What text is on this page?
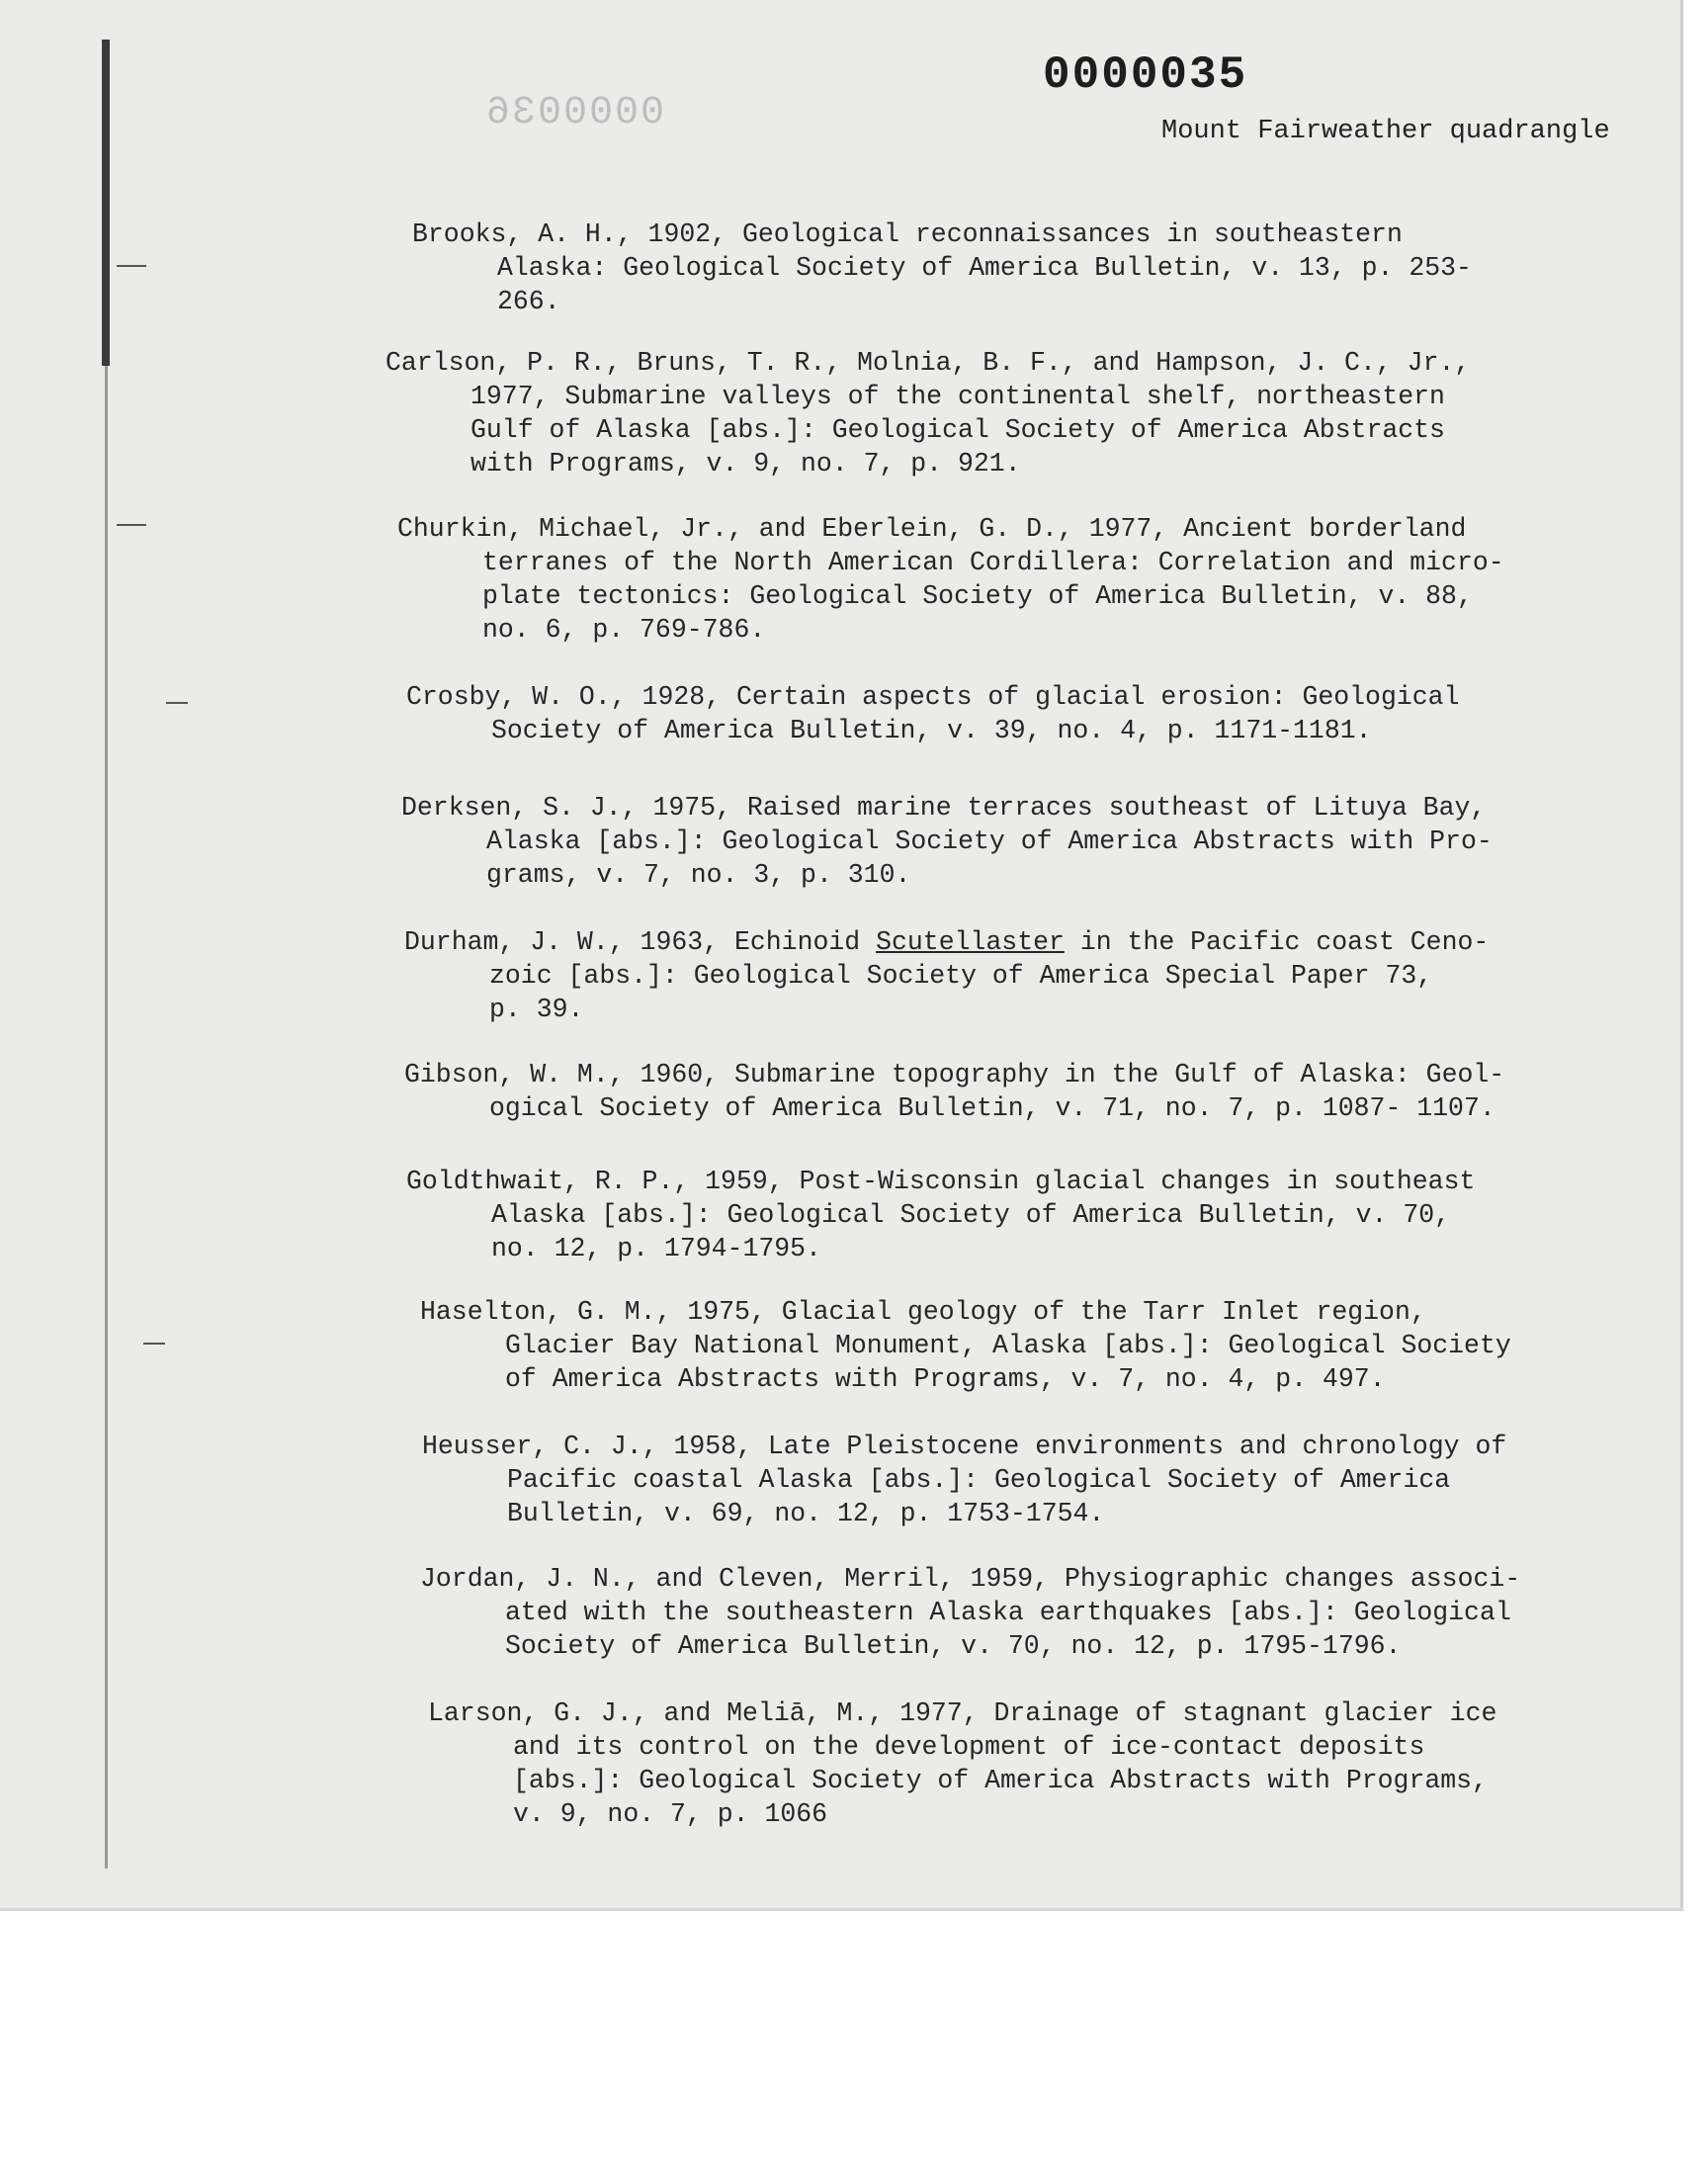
0000035
0000036	Mount Fairweather quadrangle
Brooks, A. H., 1902, Geological reconnaissances in southeastern
Alaska: Geological Society of America Bulletin, v. 13, p. 253-
266.
Carlson, P. R., Bruns, T. R., Molnia, B. F., and Hampson, J. C., Jr.,
1977, Submarine valleys of the continental shelf, northeastern
Gulf of Alaska [abs.]: Geological Society of America Abstracts
with Programs, v. 9, no. 7, p. 921.
Churkin, Michael, Jr., and Eberlein, G. D., 1977, Ancient borderland
terranes of the North American Cordillera: Correlation and micro-
plate tectonics: Geological Society of America Bulletin, v. 88,
no. 6, p. 769-786.
Crosby, W. O., 1928, Certain aspects of glacial erosion: Geological
Society of America Bulletin, v. 39, no. 4, p. 1171-1181.
Derksen, S. J., 1975, Raised marine terraces southeast of Lituya Bay,
Alaska [abs.]: Geological Society of America Abstracts with Pro-
grams, v. 7, no. 3, p. 310.
Durham, J. W., 1963, Echinoid Scutellaster in the Pacific coast Ceno-
zoic [abs.]: Geological Society of America Special Paper 73,
p. 39.
Gibson, W. M., 1960, Submarine topography in the Gulf of Alaska: Geol-
ogical Society of America Bulletin, v. 71, no. 7, p. 1087- 1107.
Goldthwait, R. P., 1959, Post-Wisconsin glacial changes in southeast
Alaska [abs.]: Geological Society of America Bulletin, v. 70,
no. 12, p. 1794-1795.
Haselton, G. M., 1975, Glacial geology of the Tarr Inlet region,
Glacier Bay National Monument, Alaska [abs.]: Geological Society
of America Abstracts with Programs, v. 7, no. 4, p. 497.
Heusser, C. J., 1958, Late Pleistocene environments and chronology of
Pacific coastal Alaska [abs.]: Geological Society of America
Bulletin, v. 69, no. 12, p. 1753-1754.
Jordan, J. N., and Cleven, Merril, 1959, Physiographic changes associ-
ated with the southeastern Alaska earthquakes [abs.]: Geological
Society of America Bulletin, v. 70, no. 12, p. 1795-1796.
Larson, G. J., and Meliā, M., 1977, Drainage of stagnant glacier ice
and its control on the development of ice-contact deposits
[abs.]: Geological Society of America Abstracts with Programs,
v. 9, no. 7, p. 1066
